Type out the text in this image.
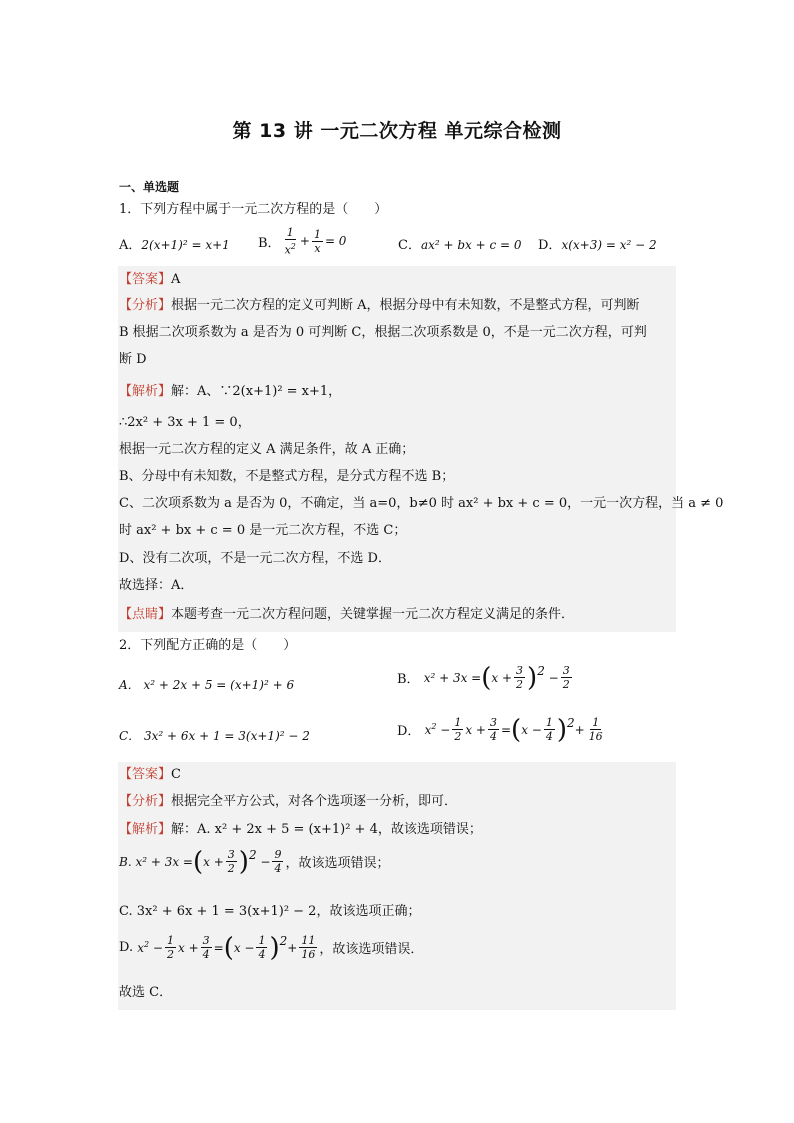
第 13 讲 一元二次方程 单元综合检测
一、单选题
1．下列方程中属于一元二次方程的是（　　）
A．2(x+1)² = x+1 B． $\frac{1}{x^2} + \frac{1}{x} = 0$	C．ax² + bx + c = 0 D．x(x+3) = x² − 2
【答案】A
【分析】根据一元二次方程的定义可判断 A，根据分母中有未知数，不是整式方程，可判断
B 根据二次项系数为 a 是否为 0 可判断 C，根据二次项系数是 0，不是一元二次方程，可判
断 D
【解析】解：A、∵2(x+1)² = x+1，
∴2x² + 3x + 1 = 0，
根据一元二次方程的定义 A 满足条件，故 A 正确；
B、分母中有未知数，不是整式方程，是分式方程不选 B；
C、二次项系数为 a 是否为 0，不确定，当 a=0，b≠0 时 ax² + bx + c = 0，一元一次方程，当 a ≠ 0
时 ax² + bx + c = 0 是一元二次方程，不选 C；
D、没有二次项，不是一元二次方程，不选 D．
故选择：A．
【点睛】本题考查一元二次方程问题，关键掌握一元二次方程定义满足的条件．
2．下列配方正确的是（　　）
A． x² + 2x + 5 = (x+1)² + 6	B．
x² + 3x = ( $x + \frac{3}{2}$ ) $2 - \frac{3}{2}$
C． 3x² + 6x + 1 = 3(x+1)² − 2	D．
$x^2 - \frac{1}{2}$ $x + \frac{3}{4}$ = ( $x - \frac{1}{4}$ ) $2 + \frac{1}{16}$
【答案】C
【分析】根据完全平方公式，对各个选项逐一分析，即可．
【解析】解：A. x² + 2x + 5 = (x+1)² + 4，故该选项错误；
B. x² + 3x = ( $x + \frac{3}{2}$ ) $2 - \frac{9}{4}$ ，故该选项错误；
C. 3x² + 6x + 1 = 3(x+1)² − 2，故该选项正确；
D.
$x^2 - \frac{1}{2}$ $x + \frac{3}{4}$ = ( $x - \frac{1}{4}$ ) $2 + \frac{11}{16}$ ，故该选项错误．
故选 C．
